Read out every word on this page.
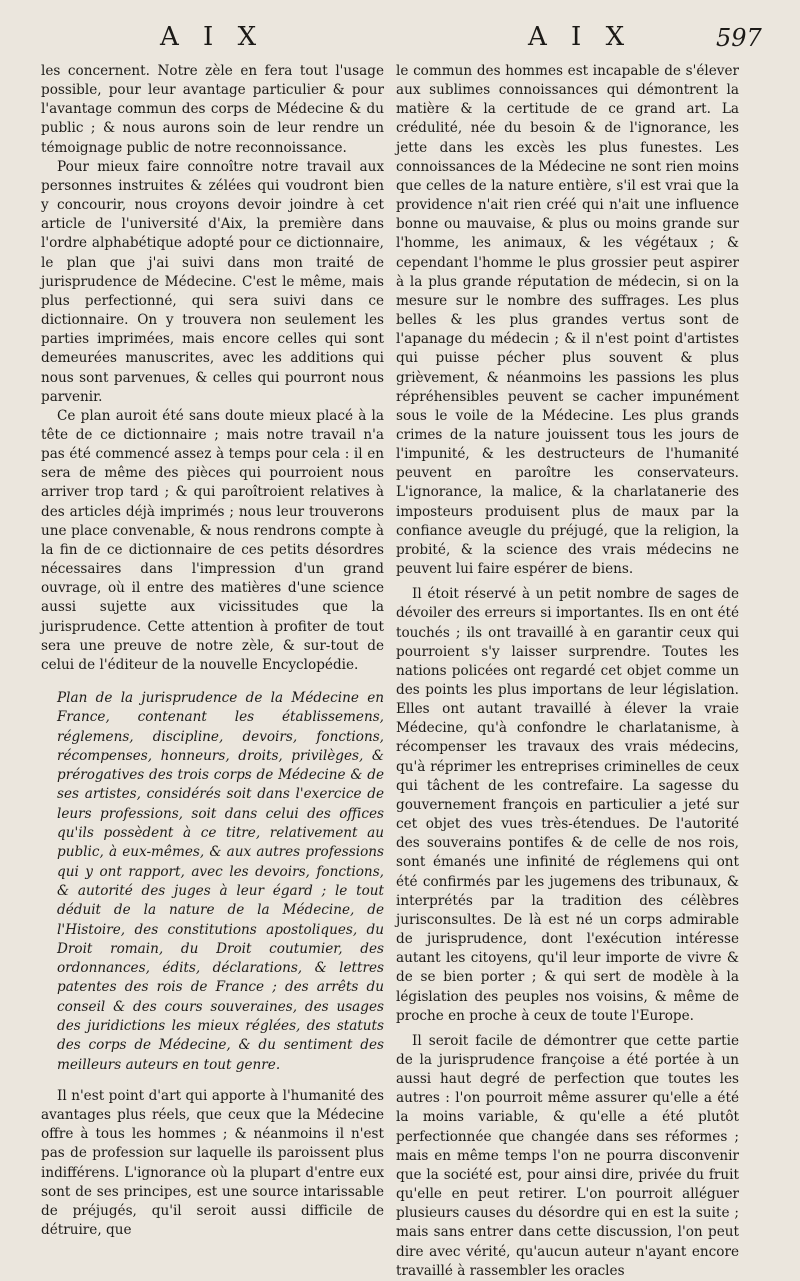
A I X	A I X	597

les concernent. Notre zèle en fera tout l'usage possible, pour leur avantage particulier & pour l'avantage commun des corps de Médecine & du public ; & nous aurons soin de leur rendre un témoignage public de notre reconnoissance.

Pour mieux faire connoître notre travail aux personnes instruites & zélées qui voudront bien y concourir, nous croyons devoir joindre à cet article de l'université d'Aix, la première dans l'ordre alphabétique adopté pour ce dictionnaire, le plan que j'ai suivi dans mon traité de jurisprudence de Médecine. C'est le même, mais plus perfectionné, qui sera suivi dans ce dictionnaire. On y trouvera non seulement les parties imprimées, mais encore celles qui sont demeurées manuscrites, avec les additions qui nous sont parvenues, & celles qui pourront nous parvenir.

Ce plan auroit été sans doute mieux placé à la tête de ce dictionnaire ; mais notre travail n'a pas été commencé assez à temps pour cela : il en sera de même des pièces qui pourroient nous arriver trop tard ; & qui paroîtroient relatives à des articles déjà imprimés ; nous leur trouverons une place convenable, & nous rendrons compte à la fin de ce dictionnaire de ces petits désordres nécessaires dans l'impression d'un grand ouvrage, où il entre des matières d'une science aussi sujette aux vicissitudes que la jurisprudence. Cette attention à profiter de tout sera une preuve de notre zèle, & sur-tout de celui de l'éditeur de la nouvelle Encyclopédie.

Plan de la jurisprudence de la Médecine en France, contenant les établissemens, réglemens, discipline, devoirs, fonctions, récompenses, honneurs, droits, privilèges, & prérogatives des trois corps de Médecine & de ses artistes, considérés soit dans l'exercice de leurs professions, soit dans celui des offices qu'ils possèdent à ce titre, relativement au public, à eux-mêmes, & aux autres professions qui y ont rapport, avec les devoirs, fonctions, & autorité des juges à leur égard ; le tout déduit de la nature de la Médecine, de l'Histoire, des constitutions apostoliques, du Droit romain, du Droit coutumier, des ordonnances, édits, déclarations, & lettres patentes des rois de France ; des arrêts du conseil & des cours souveraines, des usages des juridictions les mieux réglées, des statuts des corps de Médecine, & du sentiment des meilleurs auteurs en tout genre.

Il n'est point d'art qui apporte à l'humanité des avantages plus réels, que ceux que la Médecine offre à tous les hommes ; & néanmoins il n'est pas de profession sur laquelle ils paroissent plus indifférens. L'ignorance où la plupart d'entre eux sont de ses principes, est une source intarissable de préjugés, qu'il seroit aussi difficile de détruire, que

le commun des hommes est incapable de s'élever aux sublimes connoissances qui démontrent la matière & la certitude de ce grand art. La crédulité, née du besoin & de l'ignorance, les jette dans les excès les plus funestes. Les connoissances de la Médecine ne sont rien moins que celles de la nature entière, s'il est vrai que la providence n'ait rien créé qui n'ait une influence bonne ou mauvaise, & plus ou moins grande sur l'homme, les animaux, & les végétaux ; & cependant l'homme le plus grossier peut aspirer à la plus grande réputation de médecin, si on la mesure sur le nombre des suffrages. Les plus belles & les plus grandes vertus sont de l'apanage du médecin ; & il n'est point d'artistes qui puisse pécher plus souvent & plus grièvement, & néanmoins les passions les plus répréhensibles peuvent se cacher impunément sous le voile de la Médecine. Les plus grands crimes de la nature jouissent tous les jours de l'impunité, & les destructeurs de l'humanité peuvent en paroître les conservateurs. L'ignorance, la malice, & la charlatanerie des imposteurs produisent plus de maux par la confiance aveugle du préjugé, que la religion, la probité, & la science des vrais médecins ne peuvent lui faire espérer de biens.

Il étoit réservé à un petit nombre de sages de dévoiler des erreurs si importantes. Ils en ont été touchés ; ils ont travaillé à en garantir ceux qui pourroient s'y laisser surprendre. Toutes les nations policées ont regardé cet objet comme un des points les plus importans de leur législation. Elles ont autant travaillé à élever la vraie Médecine, qu'à confondre le charlatanisme, à récompenser les travaux des vrais médecins, qu'à réprimer les entreprises criminelles de ceux qui tâchent de les contrefaire. La sagesse du gouvernement françois en particulier a jeté sur cet objet des vues très-étendues. De l'autorité des souverains pontifes & de celle de nos rois, sont émanés une infinité de réglemens qui ont été confirmés par les jugemens des tribunaux, & interprétés par la tradition des célèbres jurisconsultes. De là est né un corps admirable de jurisprudence, dont l'exécution intéresse autant les citoyens, qu'il leur importe de vivre & de se bien porter ; & qui sert de modèle à la législation des peuples nos voisins, & même de proche en proche à ceux de toute l'Europe.

Il seroit facile de démontrer que cette partie de la jurisprudence françoise a été portée à un aussi haut degré de perfection que toutes les autres : l'on pourroit même assurer qu'elle a été la moins variable, & qu'elle a été plutôt perfectionnée que changée dans ses réformes ; mais en même temps l'on ne pourra disconvenir que la société est, pour ainsi dire, privée du fruit qu'elle en peut retirer. L'on pourroit alléguer plusieurs causes du désordre qui en est la suite ; mais sans entrer dans cette discussion, l'on peut dire avec vérité, qu'aucun auteur n'ayant encore travaillé à rassembler les oracles
